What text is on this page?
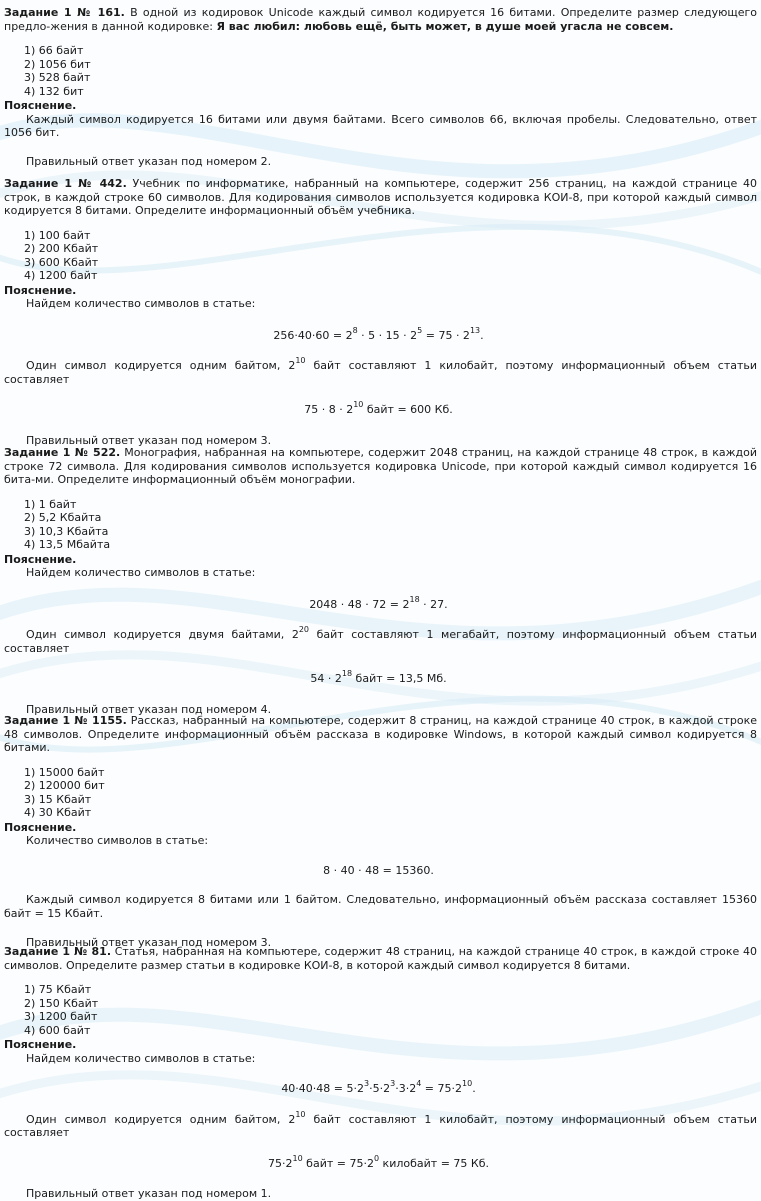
Задание 1 № 161. В одной из кодировок Unicode каждый символ кодируется 16 битами. Определите размер следующего предло-жения в данной кодировке: Я вас любил: любовь ещё, быть может, в душе моей угасла не совсем.

1) 66 байт
2) 1056 бит
3) 528 байт
4) 132 бит
Пояснение.

Каждый символ кодируется 16 битами или двумя байтами. Всего символов 66, включая пробелы. Следовательно, ответ 1056 бит.

Правильный ответ указан под номером 2.

Задание 1 № 442. Учебник по информатике, набранный на компьютере, содержит 256 страниц, на каждой странице 40 строк, в каждой строке 60 символов. Для кодирования символов используется кодировка КОИ-8, при которой каждый символ кодируется 8 битами. Определите информационный объём учебника.

1) 100 байт
2) 200 Кбайт
3) 600 Кбайт
4) 1200 байт
Пояснение.

Найдем количество символов в статье:

$256\cdot 40\cdot 60 = 2^8 \cdot 5 \cdot 15 \cdot 2^5 = 75 \cdot 2^{13}$.

Один символ кодируется одним байтом, $2^{10}$ байт составляют 1 килобайт, поэтому информационный объем статьи составляет

$75 \cdot 8 \cdot 2^{10}$ байт = 600 Кб.

Правильный ответ указан под номером 3.

Задание 1 № 522. Монография, набранная на компьютере, содержит 2048 страниц, на каждой странице 48 строк, в каждой строке 72 символа. Для кодирования символов используется кодировка Unicode, при которой каждый символ кодируется 16 бита-ми. Определите информационный объём монографии.

1) 1 байт
2) 5,2 Кбайта
3) 10,3 Кбайта
4) 13,5 Мбайта
Пояснение.

Найдем количество символов в статье:

$2048 \cdot 48 \cdot 72 = 2^{18} \cdot 27$.

Один символ кодируется двумя байтами, $2^{20}$ байт составляют 1 мегабайт, поэтому информационный объем статьи составляет

$54 \cdot 2^{18}$ байт = 13,5 Мб.

Правильный ответ указан под номером 4.

Задание 1 № 1155. Рассказ, набранный на компьютере, содержит 8 страниц, на каждой странице 40 строк, в каждой строке 48 символов. Определите информационный объём рассказа в кодировке Windows, в которой каждый символ кодируется 8 битами.

1) 15000 байт
2) 120000 бит
3) 15 Кбайт
4) 30 Кбайт
Пояснение.

Количество символов в статье:

8 · 40 · 48 = 15360.

Каждый символ кодируется 8 битами или 1 байтом. Следовательно, информационный объём рассказа составляет 15360 байт = 15 Кбайт.

Правильный ответ указан под номером 3.

Задание 1 № 81. Статья, набранная на компьютере, содержит 48 страниц, на каждой странице 40 строк, в каждой строке 40 символов. Определите размер статьи в кодировке КОИ-8, в которой каждый символ кодируется 8 битами.

1) 75 Кбайт
2) 150 Кбайт
3) 1200 байт
4) 600 байт
Пояснение.

Найдем количество символов в статье:

$40\cdot 40\cdot 48 = 5\cdot 2^3\cdot 5\cdot 2^3\cdot 3\cdot 2^4 = 75\cdot 2^{10}$.

Один символ кодируется одним байтом, $2^{10}$ байт составляют 1 килобайт, поэтому информационный объем статьи составляет

$75\cdot 2^{10}$ байт = $75\cdot 2^0$ килобайт = 75 Кб.

Правильный ответ указан под номером 1.
